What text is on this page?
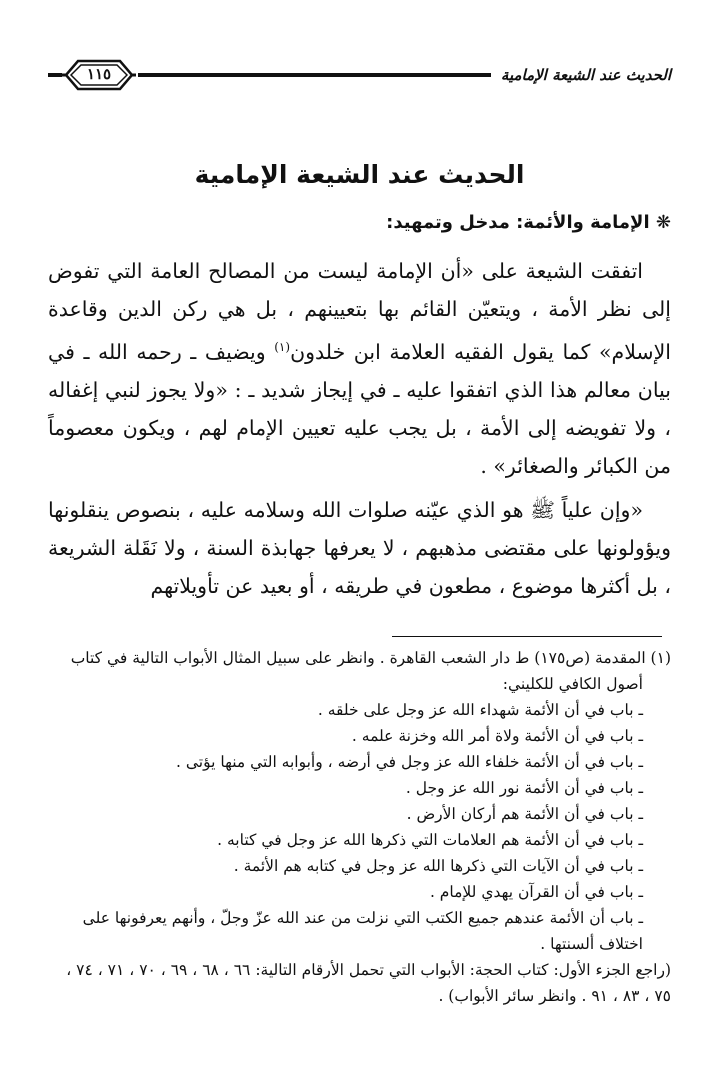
الحديث عند الشيعة الإمامية
١١٥
الحديث عند الشيعة الإمامية
❋ الإمامة والأئمة: مدخل وتمهيد:

اتفقت الشيعة على «أن الإمامة ليست من المصالح العامة التي تفوض إلى نظر الأمة ، ويتعيّن القائم بها بتعيينهم ، بل هي ركن الدين وقاعدة الإسلام» كما يقول الفقيه العلامة ابن خلدون$^{(١)}$ ويضيف ـ رحمه الله ـ في بيان معالم هذا الذي اتفقوا عليه ـ في إيجاز شديد ـ : «ولا يجوز لنبي إغفاله ، ولا تفويضه إلى الأمة ، بل يجب عليه تعيين الإمام لهم ، ويكون معصوماً من الكبائر والصغائر» .

«وإن علياً ﷺ هو الذي عيّنه صلوات الله وسلامه عليه ، بنصوص ينقلونها ويؤولونها على مقتضى مذهبهم ، لا يعرفها جهابذة السنة ، ولا نَقَلة الشريعة ، بل أكثرها موضوع ، مطعون في طريقه ، أو بعيد عن تأويلاتهم

(١) المقدمة (ص١٧٥) ط دار الشعب القاهرة . وانظر على سبيل المثال الأبواب التالية في كتاب

أصول الكافي للكليني:

ـ باب في أن الأئمة شهداء الله عز وجل على خلقه .
ـ باب في أن الأئمة ولاة أمر الله وخزنة علمه .
ـ باب في أن الأئمة خلفاء الله عز وجل في أرضه ، وأبوابه التي منها يؤتى .
ـ باب في أن الأئمة نور الله عز وجل .
ـ باب في أن الأئمة هم أركان الأرض .
ـ باب في أن الأئمة هم العلامات التي ذكرها الله عز وجل في كتابه .
ـ باب في أن الآيات التي ذكرها الله عز وجل في كتابه هم الأئمة .
ـ باب في أن القرآن يهدي للإمام .
ـ باب أن الأئمة عندهم جميع الكتب التي نزلت من عند الله عزّ وجلّ ، وأنهم يعرفونها على اختلاف ألسنتها .

(راجع الجزء الأول: كتاب الحجة: الأبواب التي تحمل الأرقام التالية: ٦٦ ، ٦٨ ، ٦٩ ، ٧٠ ، ٧١ ، ٧٤ ، ٧٥ ، ٨٣ ، ٩١ . وانظر سائر الأبواب) .
